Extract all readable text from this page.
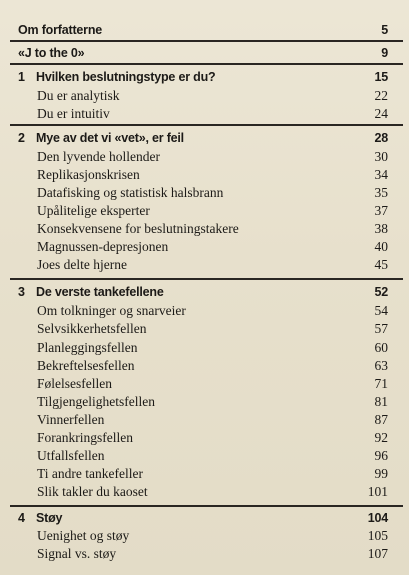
Om forfatterne	5
«J to the 0»	9
1 Hvilken beslutningstype er du?	15
Du er analytisk	22
Du er intuitiv	24
2 Mye av det vi «vet», er feil	28
Den lyvende hollender	30
Replikasjonskrisen	34
Datafisking og statistisk halsbrann	35
Upålitelige eksperter	37
Konsekvensene for beslutningstakere	38
Magnussen-depresjonen	40
Joes delte hjerne	45
3 De verste tankefellene	52
Om tolkninger og snarveier	54
Selvsikkerhetsfellen	57
Planleggingsfellen	60
Bekreftelsesfellen	63
Følelsesfellen	71
Tilgjengelighetsfellen	81
Vinnerfellen	87
Forankringsfellen	92
Utfallsfellen	96
Ti andre tankefeller	99
Slik takler du kaoset	101
4 Støy	104
Uenighet og støy	105
Signal vs. støy	107
